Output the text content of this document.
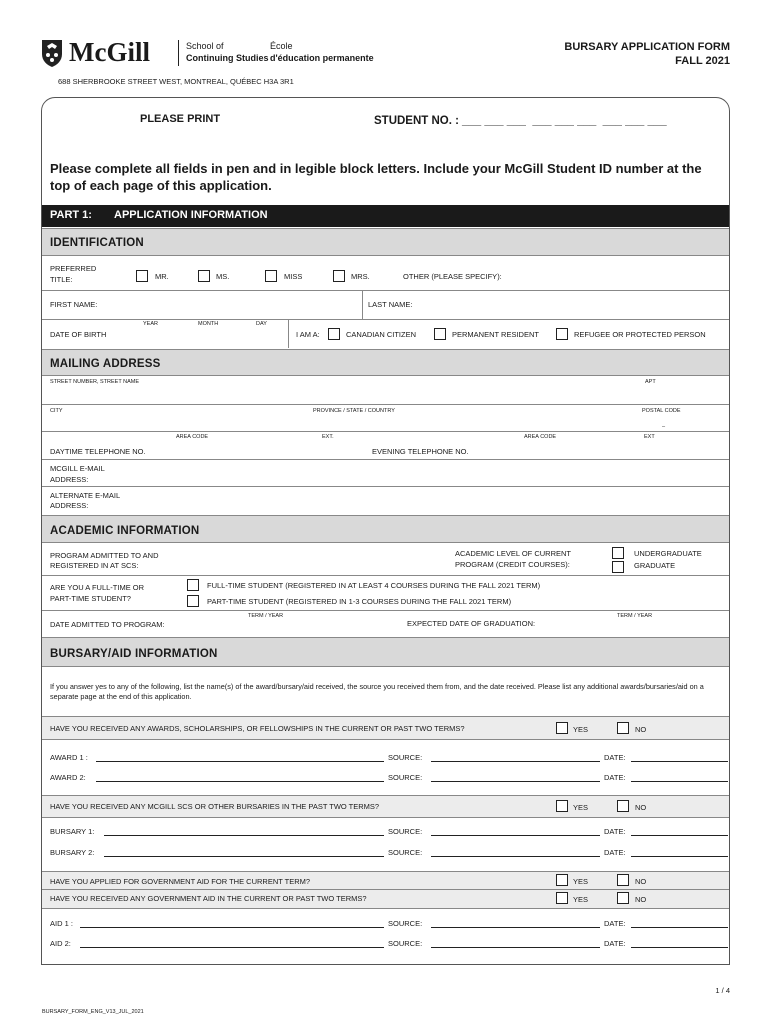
McGill	School of
Continuing Studies
École
d'éducation permanente
688 SHERBROOKE STREET WEST, MONTREAL, QUÉBEC H3A 3R1
BURSARY APPLICATION FORM
FALL 2021
PLEASE PRINT	STUDENT NO. : ___ ___ ___  ___ ___ ___  ___ ___ ___
Please complete all fields in pen and in legible block letters. Include your McGill Student ID number at the top of each page of this application.
PART 1: APPLICATION INFORMATION
IDENTIFICATION
PREFERRED
TITLE:	MR.	MS.	MISS	MRS.	OTHER (PLEASE SPECIFY):
FIRST NAME:	LAST NAME:
YEAR	MONTH	DAY
DATE OF BIRTH	I AM A:	CANADIAN CITIZEN	PERMANENT RESIDENT	REFUGEE OR PROTECTED PERSON
MAILING ADDRESS
STREET NUMBER, STREET NAME	APT
CITY	PROVINCE / STATE / COUNTRY	POSTAL CODE
–
AREA CODE	EXT.	AREA CODE	EXT
DAYTIME TELEPHONE NO.	EVENING TELEPHONE NO.
MCGILL E-MAIL
ADDRESS:
ALTERNATE E-MAIL
ADDRESS:
ACADEMIC INFORMATION
PROGRAM ADMITTED TO AND
REGISTERED IN AT SCS:
ACADEMIC LEVEL OF CURRENT
PROGRAM (CREDIT COURSES):
UNDERGRADUATE
GRADUATE
ARE YOU A FULL-TIME OR
PART-TIME STUDENT?
FULL-TIME STUDENT (REGISTERED IN AT LEAST 4 COURSES DURING THE FALL 2021 TERM)
PART-TIME STUDENT (REGISTERED IN 1-3 COURSES DURING THE FALL 2021 TERM)
TERM / YEAR	TERM / YEAR
DATE ADMITTED TO PROGRAM:	EXPECTED DATE OF GRADUATION:
BURSARY/AID INFORMATION
If you answer yes to any of the following, list the name(s) of the award/bursary/aid received, the source you received them from, and the date received. Please list any additional awards/bursaries/aid on a separate page at the end of this application.
HAVE YOU RECEIVED ANY AWARDS, SCHOLARSHIPS, OR FELLOWSHIPS IN THE CURRENT OR PAST TWO TERMS?	YES	NO
AWARD 1 :	SOURCE:	DATE:
AWARD 2:	SOURCE:	DATE:
HAVE YOU RECEIVED ANY MCGILL SCS OR OTHER BURSARIES IN THE PAST TWO TERMS?	YES	NO
BURSARY 1:	SOURCE:	DATE:
BURSARY 2:	SOURCE:	DATE:
HAVE YOU APPLIED FOR GOVERNMENT AID FOR THE CURRENT TERM?	YES	NO
HAVE YOU RECEIVED ANY GOVERNMENT AID IN THE CURRENT OR PAST TWO TERMS?	YES	NO
AID 1 :	SOURCE:	DATE:
AID 2:	SOURCE:	DATE:
1 / 4
BURSARY_FORM_ENG_V13_JUL_2021
